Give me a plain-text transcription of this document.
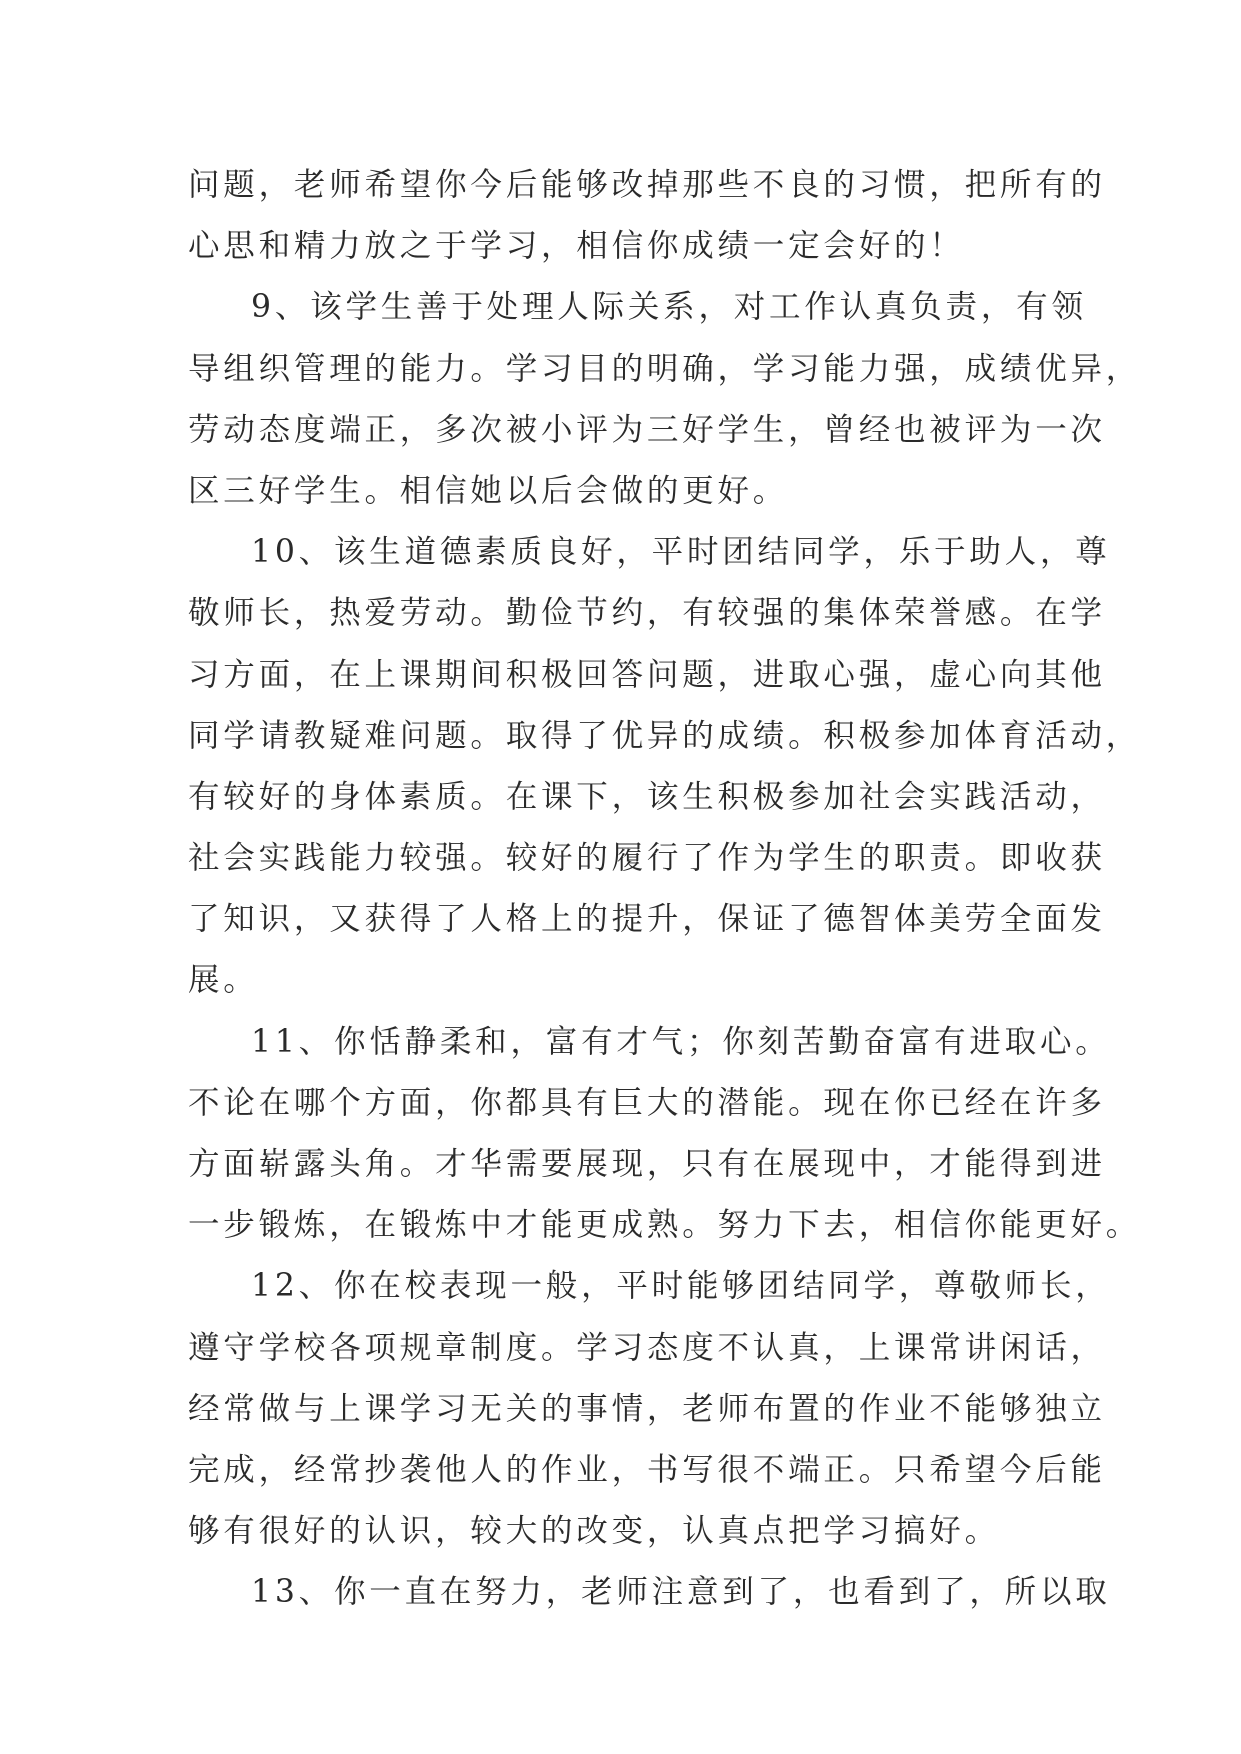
问题，老师希望你今后能够改掉那些不良的习惯，把所有的
心思和精力放之于学习，相信你成绩一定会好的！
9、该学生善于处理人际关系，对工作认真负责，有领
导组织管理的能力。学习目的明确，学习能力强，成绩优异，
劳动态度端正，多次被小评为三好学生，曾经也被评为一次
区三好学生。相信她以后会做的更好。
10、该生道德素质良好，平时团结同学，乐于助人，尊
敬师长，热爱劳动。勤俭节约，有较强的集体荣誉感。在学
习方面，在上课期间积极回答问题，进取心强，虚心向其他
同学请教疑难问题。取得了优异的成绩。积极参加体育活动，
有较好的身体素质。在课下，该生积极参加社会实践活动，
社会实践能力较强。较好的履行了作为学生的职责。即收获
了知识，又获得了人格上的提升，保证了德智体美劳全面发
展。
11、你恬静柔和，富有才气；你刻苦勤奋富有进取心。
不论在哪个方面，你都具有巨大的潜能。现在你已经在许多
方面崭露头角。才华需要展现，只有在展现中，才能得到进
一步锻炼，在锻炼中才能更成熟。努力下去，相信你能更好。
12、你在校表现一般，平时能够团结同学，尊敬师长，
遵守学校各项规章制度。学习态度不认真，上课常讲闲话，
经常做与上课学习无关的事情，老师布置的作业不能够独立
完成，经常抄袭他人的作业，书写很不端正。只希望今后能
够有很好的认识，较大的改变，认真点把学习搞好。
13、你一直在努力，老师注意到了，也看到了，所以取
